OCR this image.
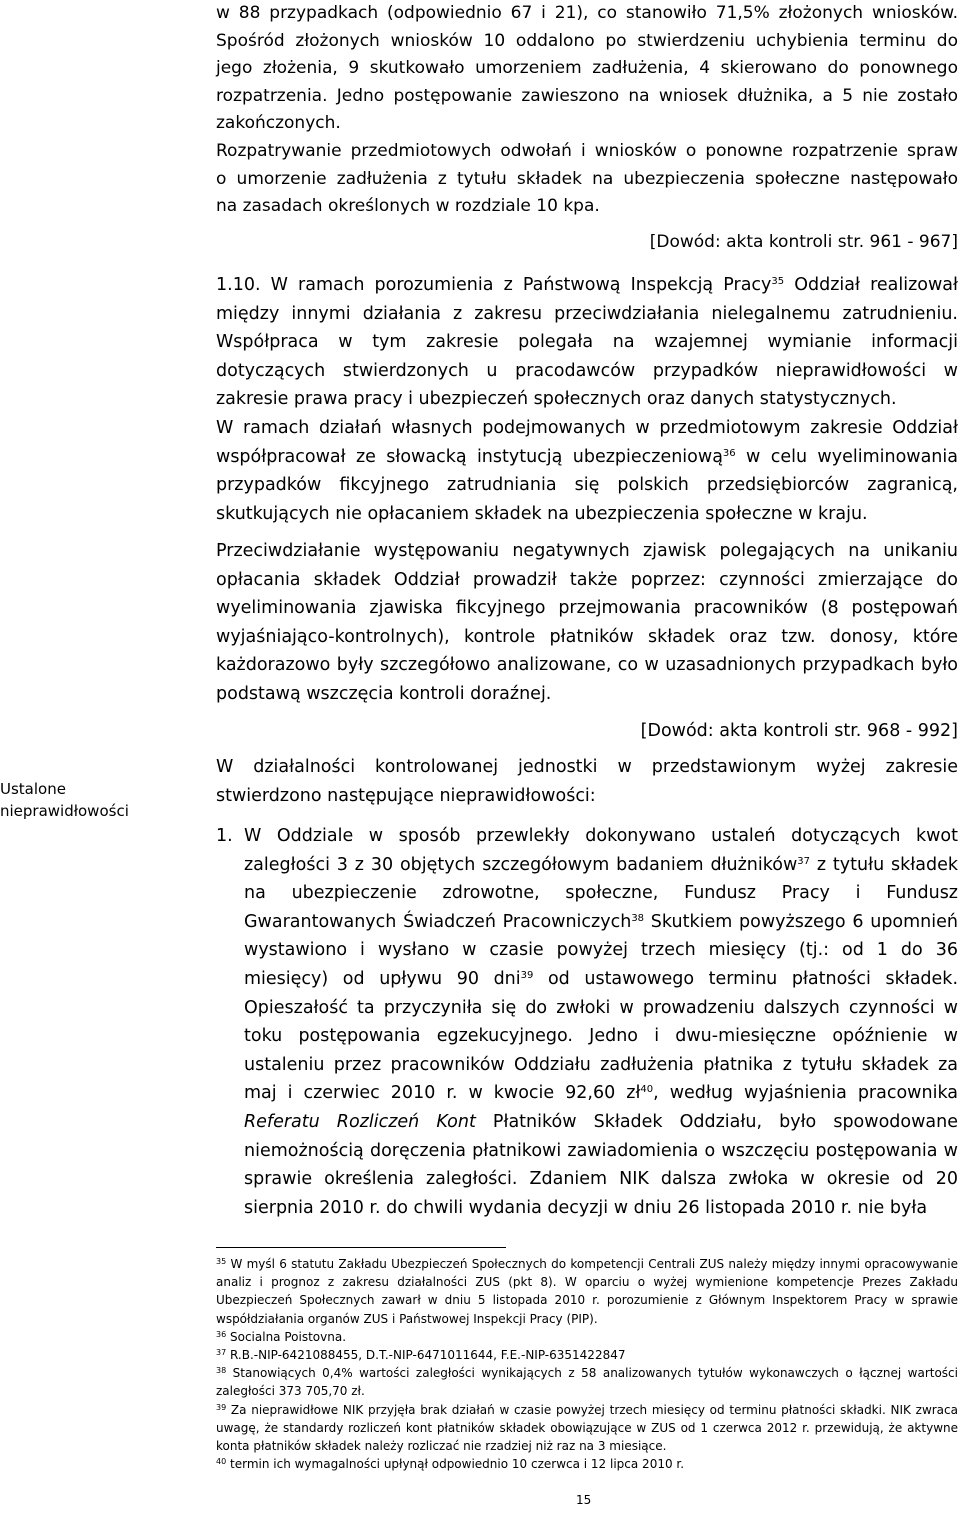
w 88 przypadkach (odpowiednio 67 i 21), co stanowiło 71,5% złożonych wniosków.

Spośród złożonych wniosków 10 oddalono po stwierdzeniu uchybienia terminu do

jego złożenia, 9 skutkowało umorzeniem zadłużenia, 4 skierowano do ponownego

rozpatrzenia. Jedno postępowanie zawieszono na wniosek dłużnika, a 5 nie zostało

zakończonych.

Rozpatrywanie przedmiotowych odwołań i wniosków o ponowne rozpatrzenie spraw

o umorzenie zadłużenia z tytułu składek na ubezpieczenia społeczne następowało

na zasadach określonych w rozdziale 10 kpa.

[Dowód: akta kontroli str. 961 - 967]

1.10. W ramach porozumienia z Państwową Inspekcją Pracy$^{35}$ Oddział realizował między innymi działania z zakresu przeciwdziałania nielegalnemu zatrudnieniu. Współpraca w tym zakresie polegała na wzajemnej wymianie informacji dotyczących stwierdzonych u pracodawców przypadków nieprawidłowości w zakresie prawa pracy i ubezpieczeń społecznych oraz danych statystycznych.

W ramach działań własnych podejmowanych w przedmiotowym zakresie Oddział współpracował ze słowacką instytucją ubezpieczeniową$^{36}$ w celu wyeliminowania przypadków fikcyjnego zatrudniania się polskich przedsiębiorców zagranicą, skutkujących nie opłacaniem składek na ubezpieczenia społeczne w kraju.

Przeciwdziałanie występowaniu negatywnych zjawisk polegających na unikaniu opłacania składek Oddział prowadził także poprzez: czynności zmierzające do wyeliminowania zjawiska fikcyjnego przejmowania pracowników (8 postępowań wyjaśniająco-kontrolnych), kontrole płatników składek oraz tzw. donosy, które każdorazowo były szczegółowo analizowane, co w uzasadnionych przypadkach było podstawą wszczęcia kontroli doraźnej.

[Dowód: akta kontroli str. 968 - 992]

W działalności kontrolowanej jednostki w przedstawionym wyżej zakresie stwierdzono następujące nieprawidłowości:

1. W Oddziale w sposób przewlekły dokonywano ustaleń dotyczących kwot zaległości 3 z 30 objętych szczegółowym badaniem dłużników$^{37}$ z tytułu składek na ubezpieczenie zdrowotne, społeczne, Fundusz Pracy i Fundusz Gwarantowanych Świadczeń Pracowniczych$^{38}$ Skutkiem powyższego 6 upomnień wystawiono i wysłano w czasie powyżej trzech miesięcy (tj.: od 1 do 36 miesięcy) od upływu 90 dni$^{39}$ od ustawowego terminu płatności składek. Opieszałość ta przyczyniła się do zwłoki w prowadzeniu dalszych czynności w toku postępowania egzekucyjnego. Jedno i dwu-miesięczne opóźnienie w ustaleniu przez pracowników Oddziału zadłużenia płatnika z tytułu składek za maj i czerwiec 2010 r. w kwocie 92,60 $zł^{40}$, według wyjaśnienia pracownika Referatu Rozliczeń Kont Płatników Składek Oddziału, było spowodowane niemożnością doręczenia płatnikowi zawiadomienia o wszczęciu postępowania w sprawie określenia zaległości. Zdaniem NIK dalsza zwłoka w okresie od 20 sierpnia 2010 r. do chwili wydania decyzji w dniu 26 listopada 2010 r. nie była

Ustalone
nieprawidłowości

$^{35}$ W myśl 6 statutu Zakładu Ubezpieczeń Społecznych do kompetencji Centrali ZUS należy między innymi opracowywanie analiz i prognoz z zakresu działalności ZUS (pkt 8). W oparciu o wyżej wymienione kompetencje Prezes Zakładu Ubezpieczeń Społecznych zawarł w dniu 5 listopada 2010 r. porozumienie z Głównym Inspektorem Pracy w sprawie współdziałania organów ZUS i Państwowej Inspekcji Pracy (PIP).

$^{36}$ Socialna Poistovna.

$^{37}$ R.B.-NIP-6421088455, D.T.-NIP-6471011644, F.E.-NIP-6351422847

$^{38}$ Stanowiących 0,4% wartości zaległości wynikających z 58 analizowanych tytułów wykonawczych o łącznej wartości zaległości 373 705,70 zł.

$^{39}$ Za nieprawidłowe NIK przyjęła brak działań w czasie powyżej trzech miesięcy od terminu płatności składki. NIK zwraca uwagę, że standardy rozliczeń kont płatników składek obowiązujące w ZUS od 1 czerwca 2012 r. przewidują, że aktywne konta płatników składek należy rozliczać nie rzadziej niż raz na 3 miesiące.

$^{40}$ termin ich wymagalności upłynął odpowiednio 10 czerwca i 12 lipca 2010 r.

15
